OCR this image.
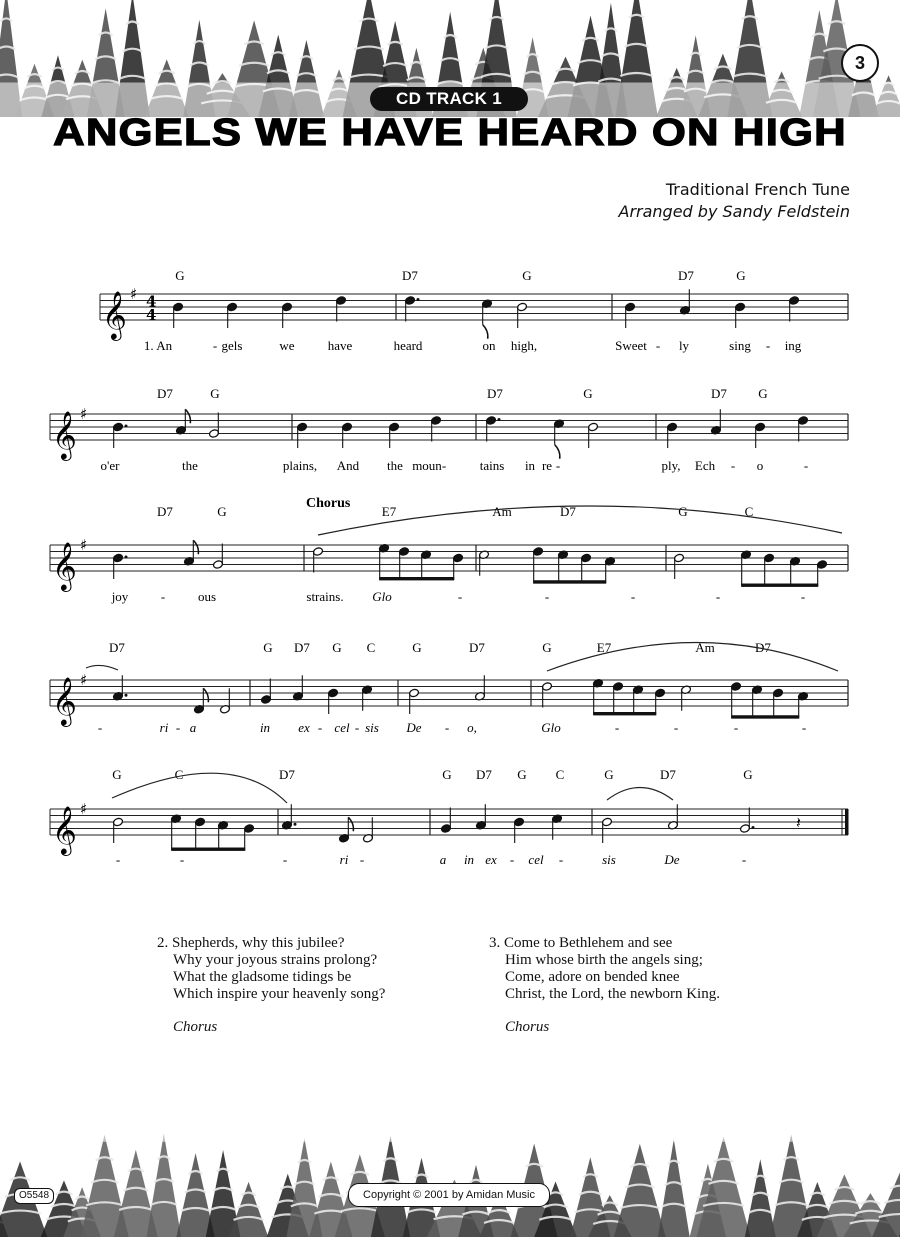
3
CD TRACK 1
ANGELS WE HAVE HEARD ON HIGH
Traditional French Tune
Arranged by Sandy Feldstein
𝄞 ♯ 4
4
G	D7	G	D7	G
1. An	- gels	we	have	heard	on high,	Sweet - ly	sing - ing
𝄞 ♯
D7	G	D7	G	D7 G
o'er	the	plains, And the moun -	tains in re -	ply, Ech - o	-
𝄞 ♯
D7	G	E7	Am	D7	G	C
joy	-	ous	strains. Glo	-	-	-	-	-
𝄞 ♯
D7	G D7 G C	G	D7	G	E7	Am	D7
-	ri - a	in ex - cel - sis De - o,	Glo	-	-	-	-
𝄞 ♯
𝄽
G	C	D7	G D7 G C	G	D7	G
-	-	-	ri -	a in ex - cel -	sis	De	-
Chorus
2. Shepherds, why this jubilee?
Why your joyous strains prolong?
What the gladsome tidings be
Which inspire your heavenly song?
Chorus
3. Come to Bethlehem and see
Him whose birth the angels sing;
Come, adore on bended knee
Christ, the Lord, the newborn King.
Chorus
O5548	Copyright © 2001 by Amidan Music
